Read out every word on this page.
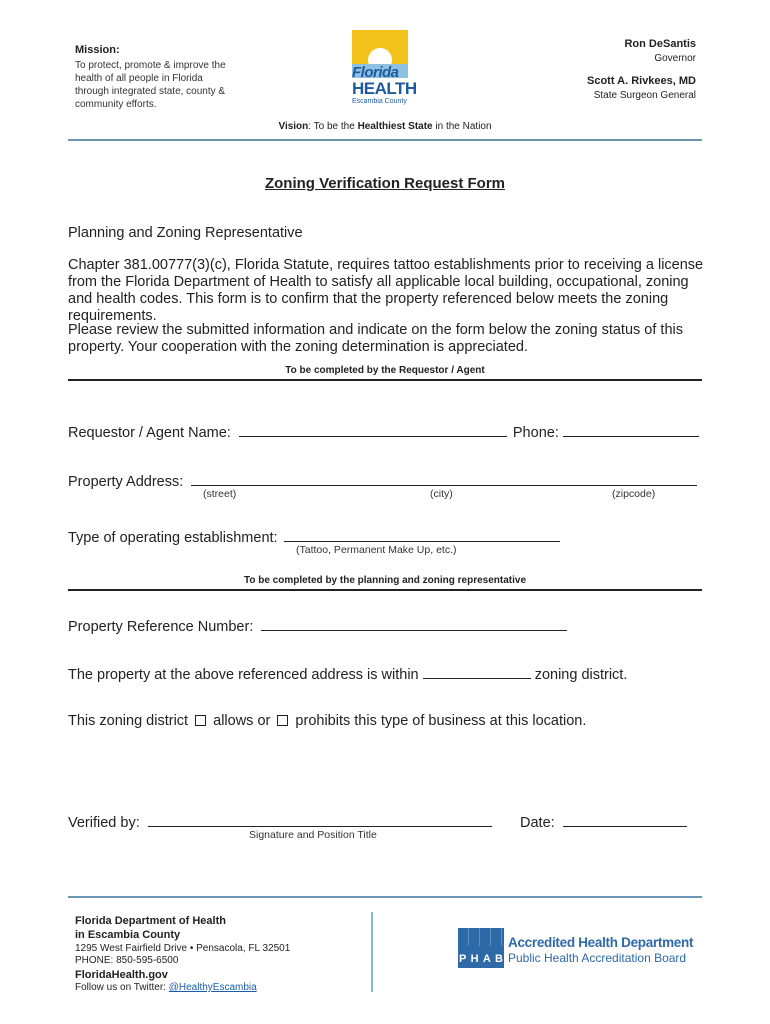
Mission:
To protect, promote & improve the health of all people in Florida through integrated state, county & community efforts.
Florida
HEALTH
Escambia County
Ron DeSantis
Governor
Scott A. Rivkees, MD
State Surgeon General
Vision: To be the Healthiest State in the Nation
Zoning Verification Request Form
Planning and Zoning Representative
Chapter 381.00777(3)(c), Florida Statute, requires tattoo establishments prior to receiving a license from the Florida Department of Health to satisfy all applicable local building, occupational, zoning and health codes. This form is to confirm that the property referenced below meets the zoning requirements.
Please review the submitted information and indicate on the form below the zoning status of this property. Your cooperation with the zoning determination is appreciated.
To be completed by the Requestor / Agent
Requestor / Agent Name:	Phone:
Property Address:
(street)	(city)	(zipcode)
Type of operating establishment:
(Tattoo, Permanent Make Up, etc.)
To be completed by the planning and zoning representative
Property Reference Number:
The property at the above referenced address is within	zoning district.
This zoning district allows or prohibits this type of business at this location.
Verified by:	Date:
Signature and Position Title
Florida Department of Health
in Escambia County
1295 West Fairfield Drive • Pensacola, FL 32501
PHONE: 850-595-6500
FloridaHealth.gov
Follow us on Twitter: @HealthyEscambia
P H A B
Accredited Health Department
Public Health Accreditation Board
